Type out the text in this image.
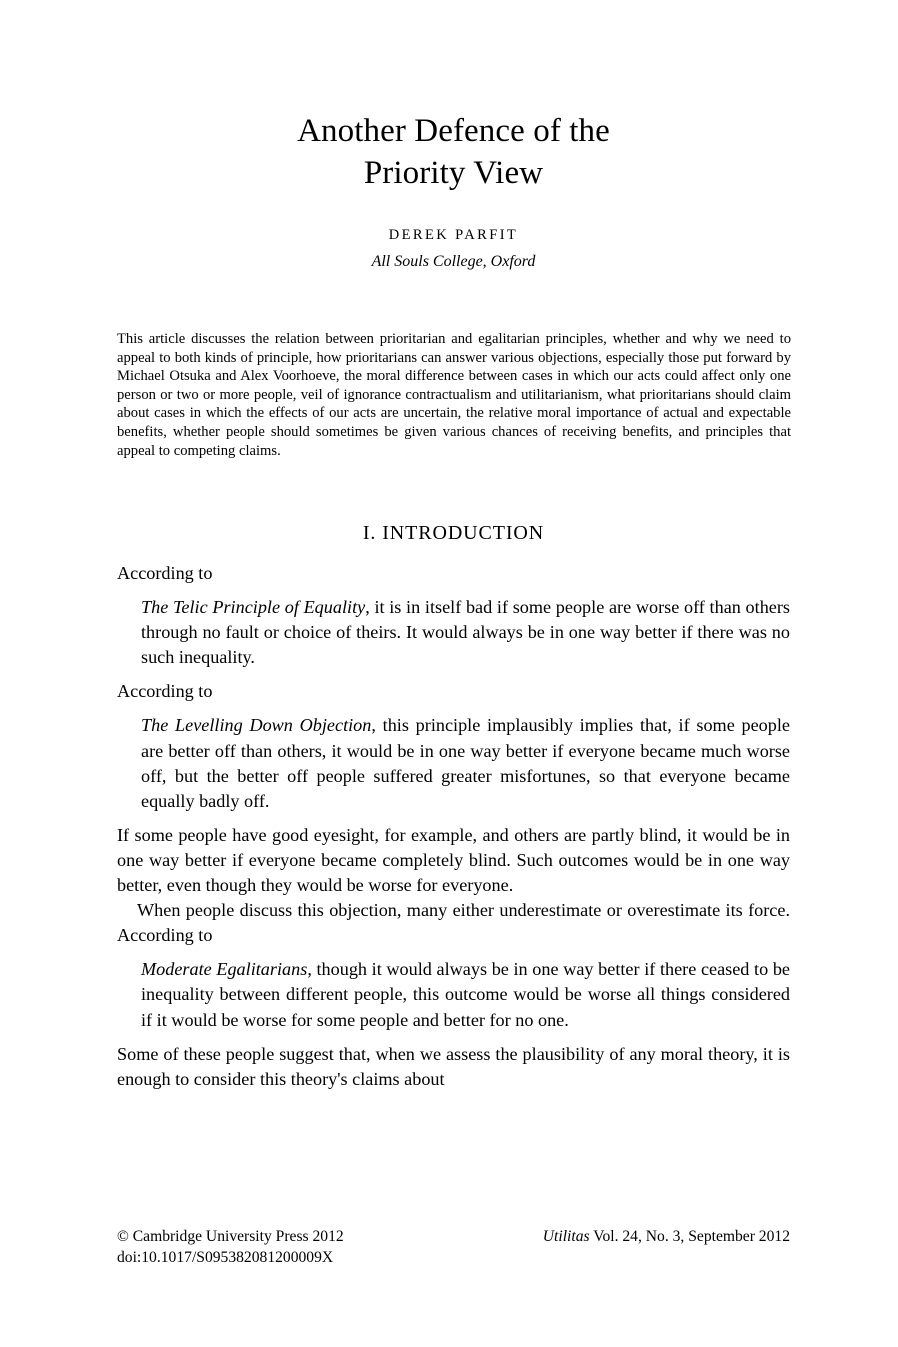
Another Defence of the
Priority View
DEREK PARFIT
All Souls College, Oxford
This article discusses the relation between prioritarian and egalitarian principles, whether and why we need to appeal to both kinds of principle, how prioritarians can answer various objections, especially those put forward by Michael Otsuka and Alex Voorhoeve, the moral difference between cases in which our acts could affect only one person or two or more people, veil of ignorance contractualism and utilitarianism, what prioritarians should claim about cases in which the effects of our acts are uncertain, the relative moral importance of actual and expectable benefits, whether people should sometimes be given various chances of receiving benefits, and principles that appeal to competing claims.
I. INTRODUCTION

According to

The Telic Principle of Equality, it is in itself bad if some people are worse off than others through no fault or choice of theirs. It would always be in one way better if there was no such inequality.

According to

The Levelling Down Objection, this principle implausibly implies that, if some people are better off than others, it would be in one way better if everyone became much worse off, but the better off people suffered greater misfortunes, so that everyone became equally badly off.

If some people have good eyesight, for example, and others are partly blind, it would be in one way better if everyone became completely blind. Such outcomes would be in one way better, even though they would be worse for everyone.

When people discuss this objection, many either underestimate or overestimate its force. According to

Moderate Egalitarians, though it would always be in one way better if there ceased to be inequality between different people, this outcome would be worse all things considered if it would be worse for some people and better for no one.

Some of these people suggest that, when we assess the plausibility of any moral theory, it is enough to consider this theory's claims about

© Cambridge University Press 2012
doi:10.1017/S095382081200009X
Utilitas Vol. 24, No. 3, September 2012
